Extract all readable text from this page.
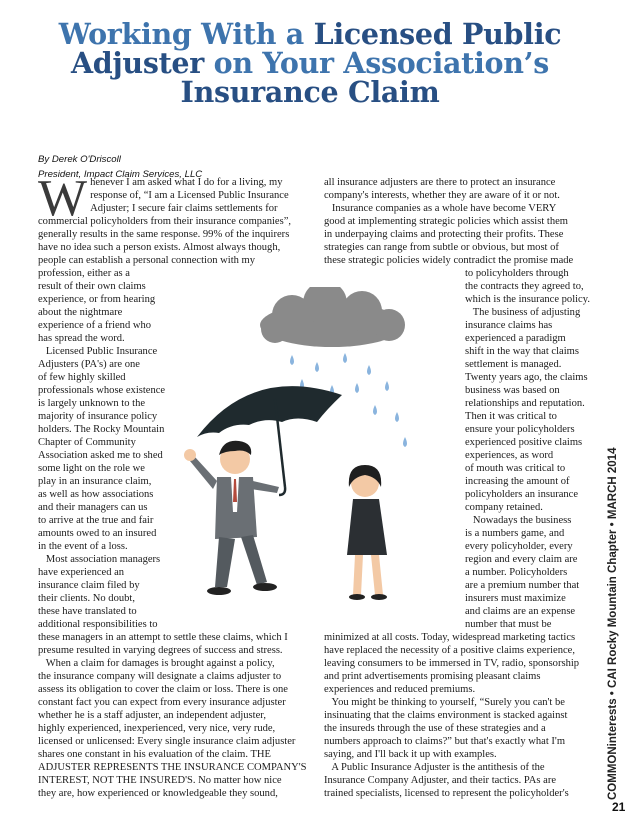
Working With a Licensed Public
Adjuster on Your Association’s
Insurance Claim
By Derek O'Driscoll
President, Impact Claim Services, LLC
W henever I am asked what I do for a living, my
response of, “I am a Licensed Public Insurance
Adjuster; I secure fair claims settlements for
commercial policyholders from their insurance companies”,
generally results in the same response. 99% of the inquirers
have no idea such a person exists. Almost always though,
people can establish a personal connection with my
profession, either as a
result of their own claims
experience, or from hearing
about the nightmare
experience of a friend who
has spread the word.
Licensed Public Insurance
Adjusters (PA's) are one
of few highly skilled
professionals whose existence
is largely unknown to the
majority of insurance policy
holders. The Rocky Mountain
Chapter of Community
Association asked me to shed
some light on the role we
play in an insurance claim,
as well as how associations
and their managers can us
to arrive at the true and fair
amounts owed to an insured
in the event of a loss.
Most association managers
have experienced an
insurance claim filed by
their clients. No doubt,
these have translated to
additional responsibilities to
these managers in an attempt to settle these claims, which I
presume resulted in varying degrees of success and stress.
When a claim for damages is brought against a policy,
the insurance company will designate a claims adjuster to
assess its obligation to cover the claim or loss. There is one
constant fact you can expect from every insurance adjuster
whether he is a staff adjuster, an independent adjuster,
highly experienced, inexperienced, very nice, very rude,
licensed or unlicensed: Every single insurance claim adjuster
shares one constant in his evaluation of the claim. THE
ADJUSTER REPRESENTS THE INSURANCE COMPANY'S
INTEREST, NOT THE INSURED'S. No matter how nice
they are, how experienced or knowledgeable they sound,
all insurance adjusters are there to protect an insurance
company's interests, whether they are aware of it or not.
Insurance companies as a whole have become VERY
good at implementing strategic policies which assist them
in underpaying claims and protecting their profits. These
strategies can range from subtle or obvious, but most of
these strategic policies widely contradict the promise made
to policyholders through
the contracts they agreed to,
which is the insurance policy.
The business of adjusting
insurance claims has
experienced a paradigm
shift in the way that claims
settlement is managed.
Twenty years ago, the claims
business was based on
relationships and reputation.
Then it was critical to
ensure your policyholders
experienced positive claims
experiences, as word
of mouth was critical to
increasing the amount of
policyholders an insurance
company retained.
Nowadays the business
is a numbers game, and
every policyholder, every
region and every claim are
a number. Policyholders
are a premium number that
insurers must maximize
and claims are an expense
number that must be
minimized at all costs. Today, widespread marketing tactics
have replaced the necessity of a positive claims experience,
leaving consumers to be immersed in TV, radio, sponsorship
and print advertisements promising pleasant claims
experiences and reduced premiums.
You might be thinking to yourself, “Surely you can't be
insinuating that the claims environment is stacked against
the insureds through the use of these strategies and a
numbers approach to claims?” but that's exactly what I'm
saying, and I'll back it up with examples.
A Public Insurance Adjuster is the antithesis of the
Insurance Company Adjuster, and their tactics. PAs are
trained specialists, licensed to represent the policyholder's	COMMONinterests • CAI Rocky Mountain Chapter • MARCH 2014
21
